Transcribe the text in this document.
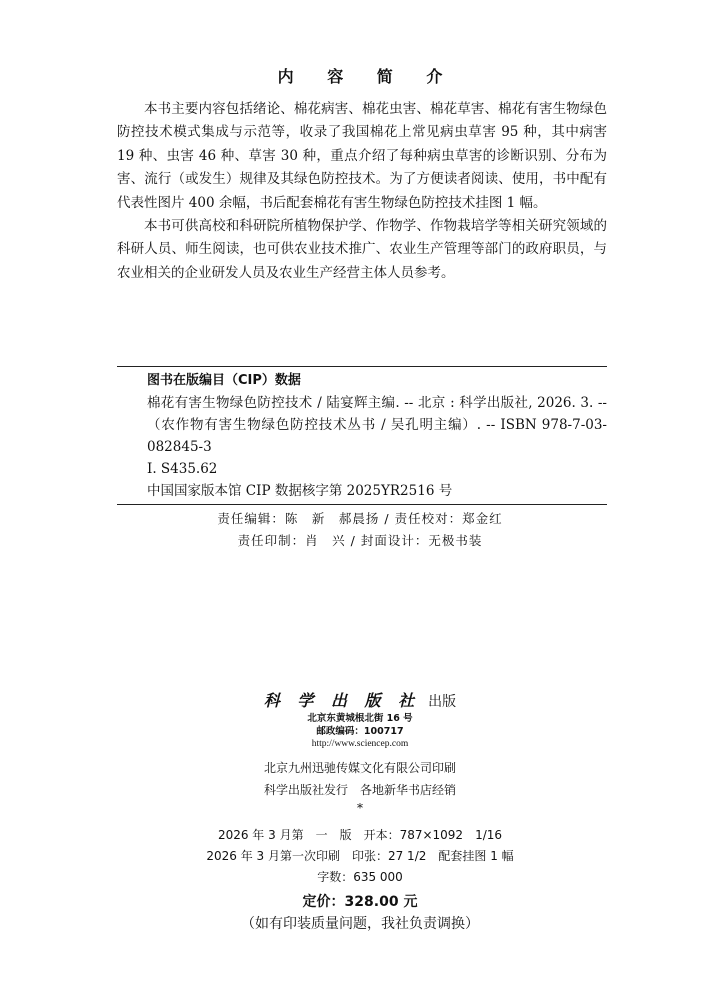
内 容 简 介

本书主要内容包括绪论、棉花病害、棉花虫害、棉花草害、棉花有害生物绿色防控技术模式集成与示范等，收录了我国棉花上常见病虫草害 95 种，其中病害 19 种、虫害 46 种、草害 30 种，重点介绍了每种病虫草害的诊断识别、分布为害、流行（或发生）规律及其绿色防控技术。为了方便读者阅读、使用，书中配有代表性图片 400 余幅，书后配套棉花有害生物绿色防控技术挂图 1 幅。

本书可供高校和科研院所植物保护学、作物学、作物栽培学等相关研究领域的科研人员、师生阅读，也可供农业技术推广、农业生产管理等部门的政府职员，与农业相关的企业研发人员及农业生产经营主体人员参考。

图书在版编目（CIP）数据

棉花有害生物绿色防控技术 / 陆宴辉主编. -- 北京 : 科学出版社, 2026. 3. --（农作物有害生物绿色防控技术丛书 / 吴孔明主编）. -- ISBN 978-7-03-082845-3

Ⅰ. S435.62
中国国家版本馆 CIP 数据核字第 2025YR2516 号
责任编辑：陈　新　郝晨扬 / 责任校对：郑金红
责任印制：肖　兴 / 封面设计：无极书装
科 学 出 版 社 出版
北京东黄城根北街 16 号
邮政编码：100717
http://www.sciencep.com
北京九州迅驰传媒文化有限公司印刷
科学出版社发行　各地新华书店经销
*
2026 年 3 月第　一　版　开本：787×1092　1/16
2026 年 3 月第一次印刷　印张：27 1/2　配套挂图 1 幅
字数：635 000
定价：328.00 元
（如有印装质量问题，我社负责调换）
